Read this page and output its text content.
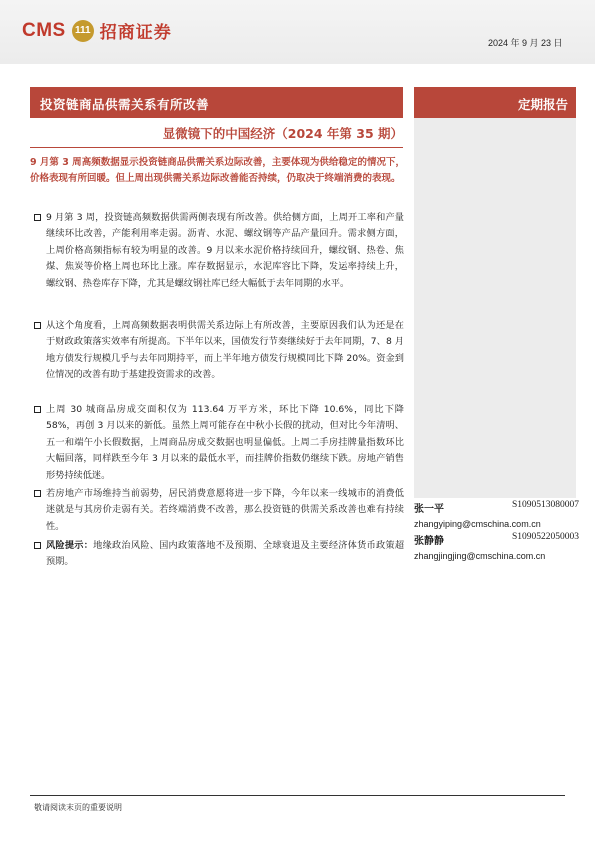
CMS 111 招商证券	2024 年 9 月 23 日
投资链商品供需关系有所改善	定期报告
显微镜下的中国经济（2024 年第 35 期）
9 月第 3 周高频数据显示投资链商品供需关系边际改善，主要体现为供给稳定的情况下，价格表现有所回暖。但上周出现供需关系边际改善能否持续，仍取决于终端消费的表现。
9 月第 3 周，投资链高频数据供需两侧表现有所改善。供给侧方面，上周开工率和产量继续环比改善，产能利用率走弱。沥青、水泥、螺纹钢等产品产量回升。需求侧方面，上周价格高频指标有较为明显的改善。9 月以来水泥价格持续回升，螺纹钢、热卷、焦煤、焦炭等价格上周也环比上涨。库存数据显示，水泥库容比下降，发运率持续上升，螺纹钢、热卷库存下降，尤其是螺纹钢社库已经大幅低于去年同期的水平。
从这个角度看，上周高频数据表明供需关系边际上有所改善，主要原因我们认为还是在于财政政策落实效率有所提高。下半年以来，国债发行节奏继续好于去年同期，7、8 月地方债发行规模几乎与去年同期持平，而上半年地方债发行规模同比下降 20%。资金到位情况的改善有助于基建投资需求的改善。
上周 30 城商品房成交面积仅为 113.64 万平方米，环比下降 10.6%，同比下降 58%，再创 3 月以来的新低。虽然上周可能存在中秋小长假的扰动，但对比今年清明、五一和端午小长假数据，上周商品房成交数据也明显偏低。上周二手房挂牌量指数环比大幅回落，同样跌至今年 3 月以来的最低水平，而挂牌价指数仍继续下跌。房地产销售形势持续低迷。
若房地产市场维持当前弱势，居民消费意愿将进一步下降，今年以来一线城市的消费低迷就是与其房价走弱有关。若终端消费不改善，那么投资链的供需关系改善也难有持续性。
风险提示：地缘政治风险、国内政策落地不及预期、全球衰退及主要经济体货币政策超预期。
张一平	S1090513080007
zhangyiping@cmschina.com.cn
张静静	S1090522050003
zhangjingjing@cmschina.com.cn
敬请阅读末页的重要说明
